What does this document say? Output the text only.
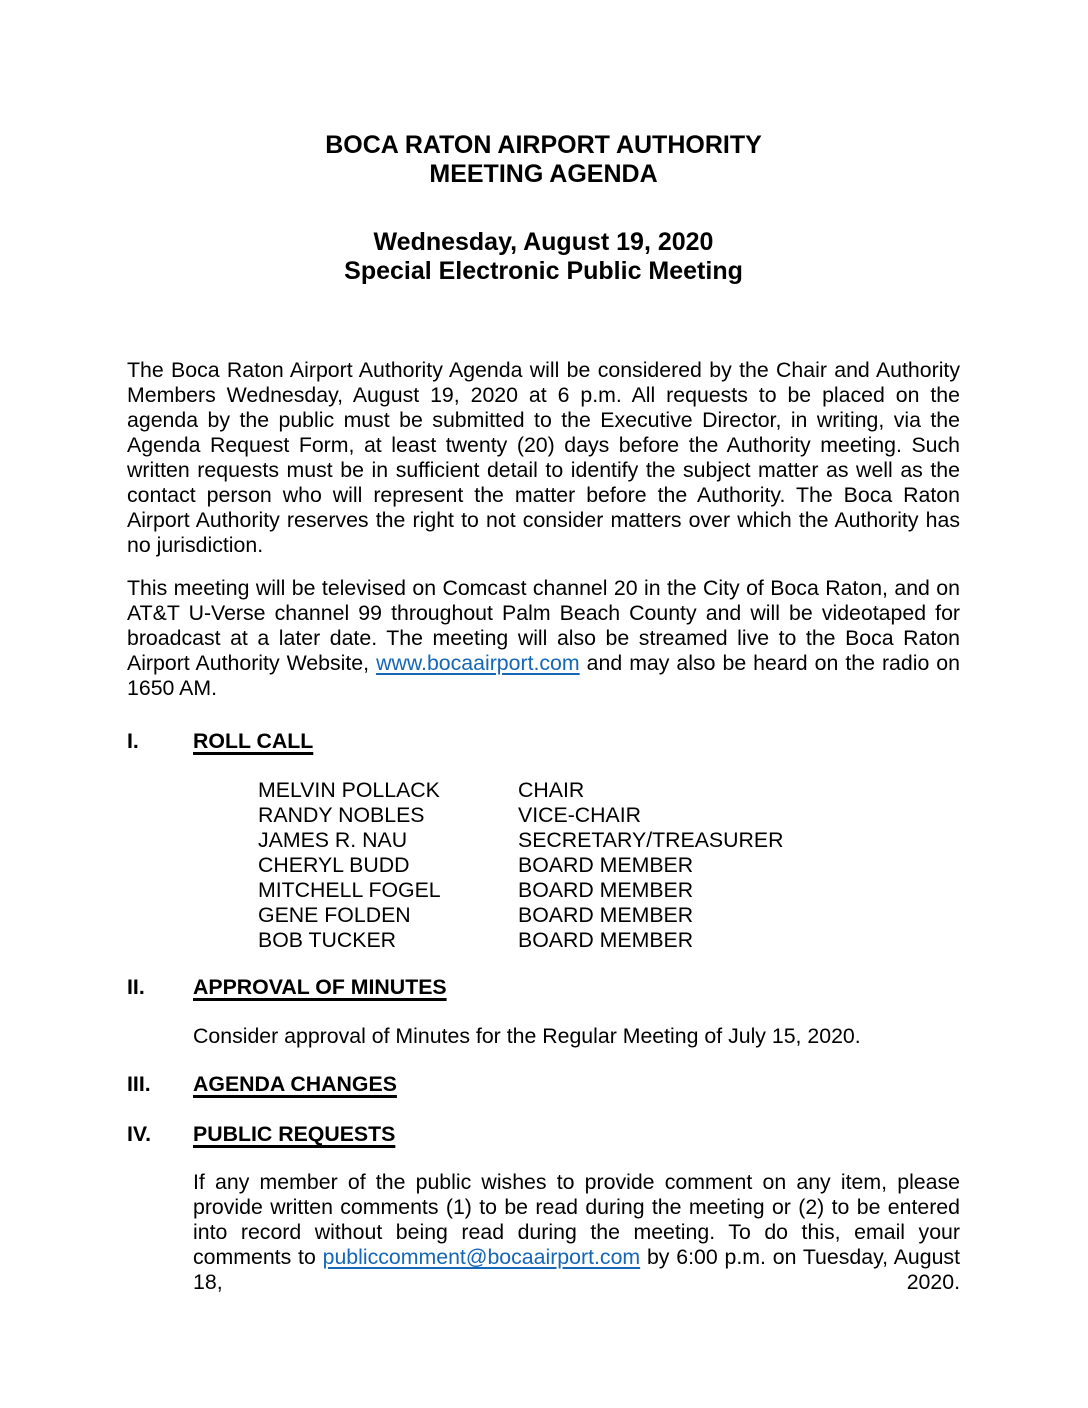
BOCA RATON AIRPORT AUTHORITY
MEETING AGENDA
Wednesday, August 19, 2020
Special Electronic Public Meeting

The Boca Raton Airport Authority Agenda will be considered by the Chair and Authority Members Wednesday, August 19, 2020 at 6 p.m. All requests to be placed on the agenda by the public must be submitted to the Executive Director, in writing, via the Agenda Request Form, at least twenty (20) days before the Authority meeting. Such written requests must be in sufficient detail to identify the subject matter as well as the contact person who will represent the matter before the Authority. The Boca Raton Airport Authority reserves the right to not consider matters over which the Authority has no jurisdiction.

This meeting will be televised on Comcast channel 20 in the City of Boca Raton, and on AT&T U-Verse channel 99 throughout Palm Beach County and will be videotaped for broadcast at a later date. The meeting will also be streamed live to the Boca Raton Airport Authority Website, www.bocaairport.com and may also be heard on the radio on 1650 AM.

I.	ROLL CALL
MELVIN POLLACK	CHAIR
RANDY NOBLES	VICE-CHAIR
JAMES R. NAU	SECRETARY/TREASURER
CHERYL BUDD	BOARD MEMBER
MITCHELL FOGEL	BOARD MEMBER
GENE FOLDEN	BOARD MEMBER
BOB TUCKER	BOARD MEMBER
II.	APPROVAL OF MINUTES

Consider approval of Minutes for the Regular Meeting of July 15, 2020.

III.	AGENDA CHANGES
IV.	PUBLIC REQUESTS

If any member of the public wishes to provide comment on any item, please provide written comments (1) to be read during the meeting or (2) to be entered into record without being read during the meeting. To do this, email your comments to publiccomment@bocaairport.com by 6:00 p.m. on Tuesday, August 18, 2020.
